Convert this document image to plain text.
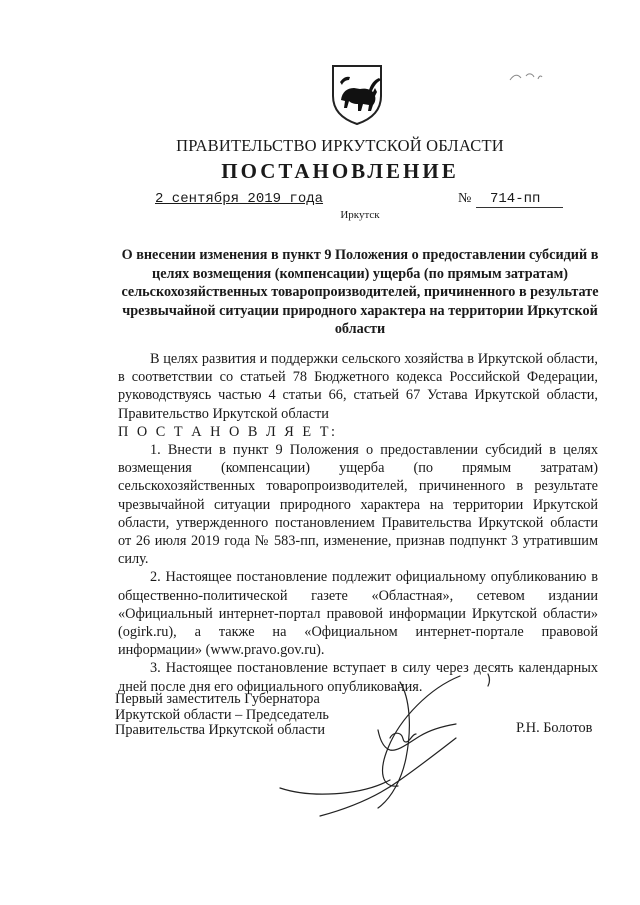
ПРАВИТЕЛЬСТВО ИРКУТСКОЙ ОБЛАСТИ
ПОСТАНОВЛЕНИЕ
2 сентября 2019 года	№	714-пп
Иркутск
О внесении изменения в пункт 9 Положения о предоставлении субсидий в целях возмещения (компенсации) ущерба (по прямым затратам) сельскохозяйственных товаропроизводителей, причиненного в результате чрезвычайной ситуации природного характера на территории Иркутской области

В целях развития и поддержки сельского хозяйства в Иркутской области, в соответствии со статьей 78 Бюджетного кодекса Российской Федерации, руководствуясь частью 4 статьи 66, статьей 67 Устава Иркутской области, Правительство Иркутской области

П О С Т А Н О В Л Я Е Т:

1. Внести в пункт 9 Положения о предоставлении субсидий в целях возмещения (компенсации) ущерба (по прямым затратам) сельскохозяйственных товаропроизводителей, причиненного в результате чрезвычайной ситуации природного характера на территории Иркутской области, утвержденного постановлением Правительства Иркутской области от 26 июля 2019 года № 583-пп, изменение, признав подпункт 3 утратившим силу.

2. Настоящее постановление подлежит официальному опубликованию в общественно-политической газете «Областная», сетевом издании «Официальный интернет-портал правовой информации Иркутской области» (ogirk.ru), а также на «Официальном интернет-портале правовой информации» (www.pravo.gov.ru).

3. Настоящее постановление вступает в силу через десять календарных дней после дня его официального опубликования.

Первый заместитель Губернатора
Иркутской области – Председатель
Правительства Иркутской области	Р.Н. Болотов
